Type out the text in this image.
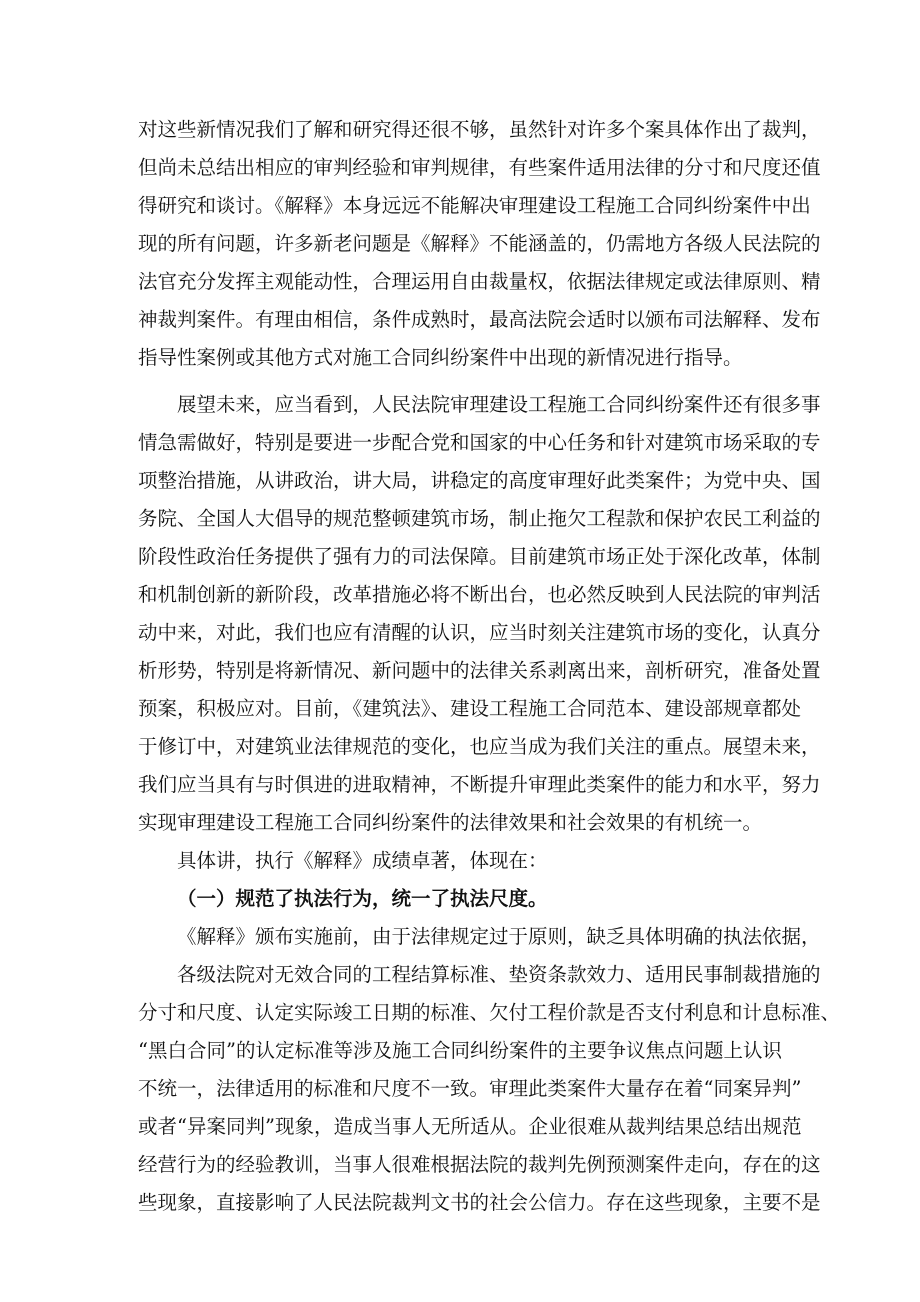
对这些新情况我们了解和研究得还很不够，虽然针对许多个案具体作出了裁判，
但尚未总结出相应的审判经验和审判规律，有些案件适用法律的分寸和尺度还值
得研究和谈讨。《解释》本身远远不能解决审理建设工程施工合同纠纷案件中出
现的所有问题，许多新老问题是《解释》不能涵盖的，仍需地方各级人民法院的
法官充分发挥主观能动性，合理运用自由裁量权，依据法律规定或法律原则、精
神裁判案件。有理由相信，条件成熟时，最高法院会适时以颁布司法解释、发布
指导性案例或其他方式对施工合同纠纷案件中出现的新情况进行指导。
展望未来，应当看到，人民法院审理建设工程施工合同纠纷案件还有很多事
情急需做好，特别是要进一步配合党和国家的中心任务和针对建筑市场采取的专
项整治措施，从讲政治，讲大局，讲稳定的高度审理好此类案件；为党中央、国
务院、全国人大倡导的规范整顿建筑市场，制止拖欠工程款和保护农民工利益的
阶段性政治任务提供了强有力的司法保障。目前建筑市场正处于深化改革，体制
和机制创新的新阶段，改革措施必将不断出台，也必然反映到人民法院的审判活
动中来，对此，我们也应有清醒的认识，应当时刻关注建筑市场的变化，认真分
析形势，特别是将新情况、新问题中的法律关系剥离出来，剖析研究，准备处置
预案，积极应对。目前，《建筑法》、建设工程施工合同范本、建设部规章都处
于修订中，对建筑业法律规范的变化，也应当成为我们关注的重点。展望未来，
我们应当具有与时俱进的进取精神，不断提升审理此类案件的能力和水平，努力
实现审理建设工程施工合同纠纷案件的法律效果和社会效果的有机统一。
具体讲，执行《解释》成绩卓著，体现在：
（一）规范了执法行为，统一了执法尺度。
《解释》颁布实施前，由于法律规定过于原则，缺乏具体明确的执法依据，
各级法院对无效合同的工程结算标准、垫资条款效力、适用民事制裁措施的
分寸和尺度、认定实际竣工日期的标准、欠付工程价款是否支付利息和计息标准、
“黑白合同”的认定标准等涉及施工合同纠纷案件的主要争议焦点问题上认识
不统一，法律适用的标准和尺度不一致。审理此类案件大量存在着“同案异判”
或者“异案同判”现象，造成当事人无所适从。企业很难从裁判结果总结出规范
经营行为的经验教训，当事人很难根据法院的裁判先例预测案件走向，存在的这
些现象，直接影响了人民法院裁判文书的社会公信力。存在这些现象，主要不是
